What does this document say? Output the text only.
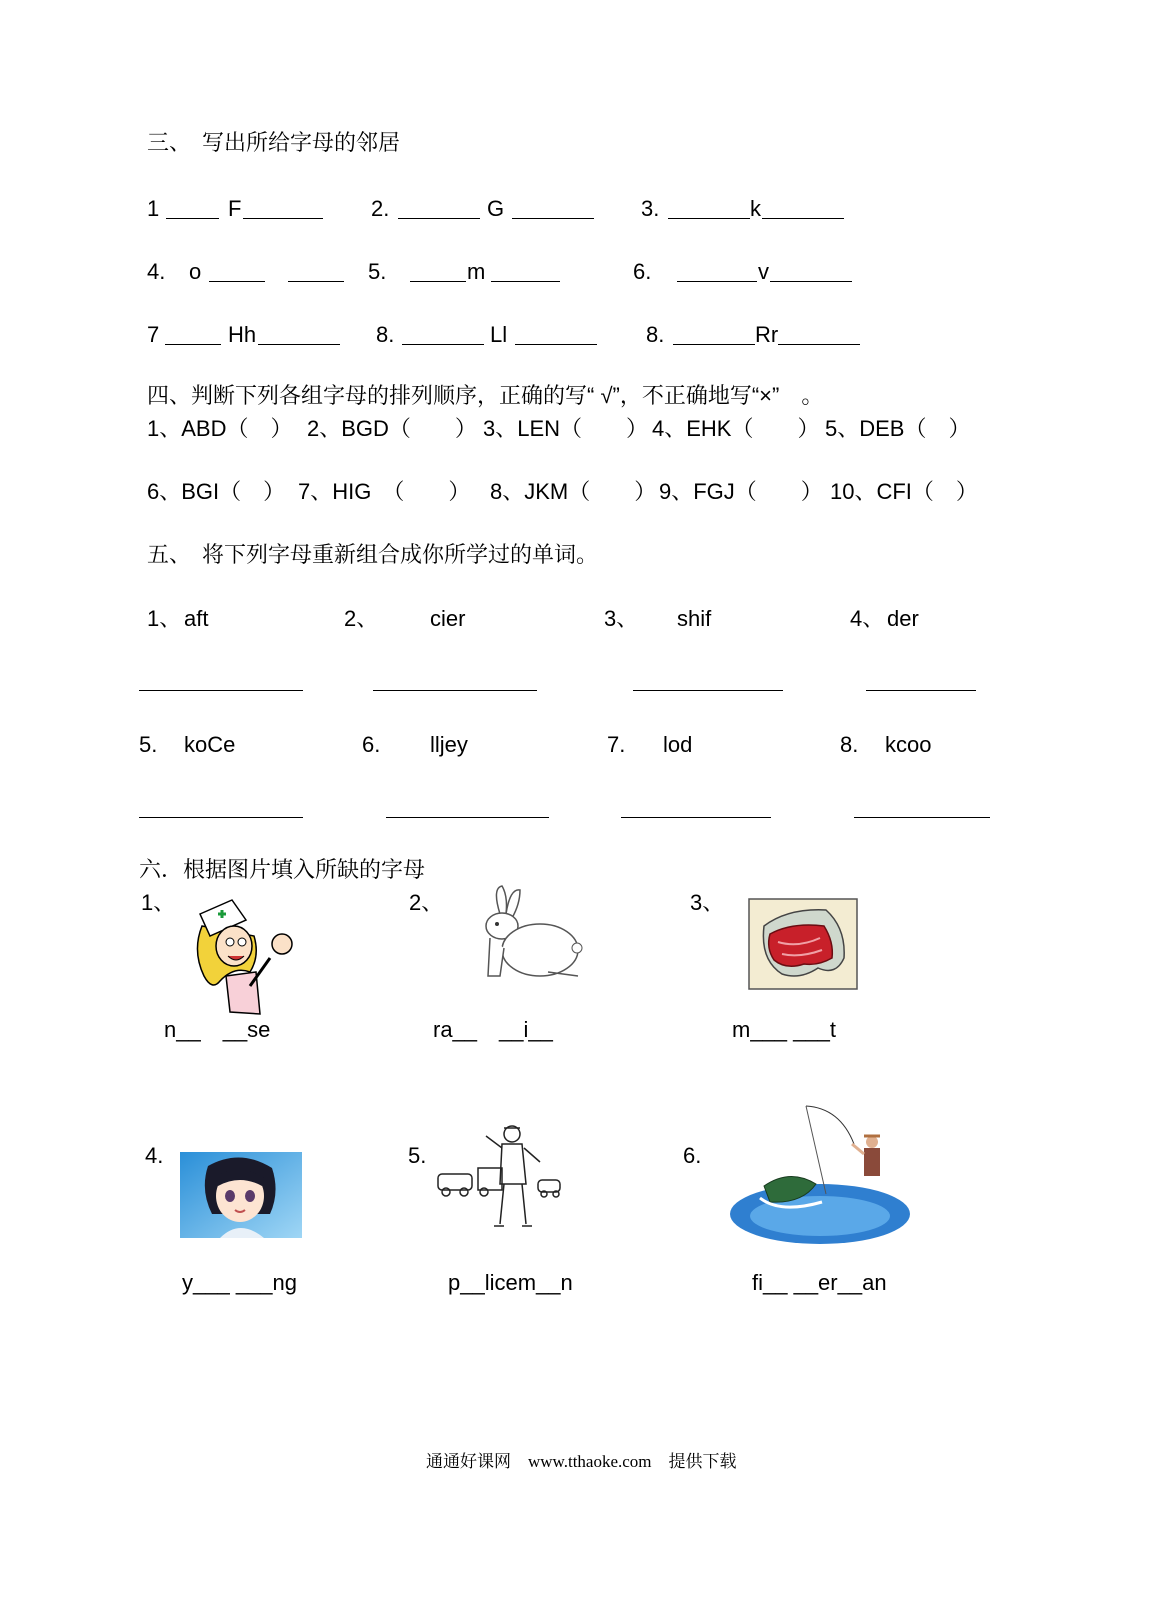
三、　写出所给字母的邻居
1	F	2.	G	3.	k
4. o	5.	m	6.	v
7	Hh	8.	Ll	8.	Rr
四、判断下列各组字母的排列顺序，正确的写“ √”，不正确地写“×”　。
1、ABD（　） 2、BGD（　　） 3、LEN（　　） 4、EHK（　　） 5、DEB（　）
6、BGI（　） 7、HIG　（　　） 8、JKM（　　） 9、FGJ（　　） 10、CFI（　）
五、　将下列字母重新组合成你所学过的单词。
1、 aft	2、 cier	3、 shif	4、 der
5. koCe	6. lljey	7. lod	8. kcoo
六．根据图片填入所缺的字母
1、	2、	3、
n__　__se	ra__　__i__	m___ ___t
4.	5.	6.
y___ ___ng	p__licem__n	fi__ __er__an
通通好课网　www.tthaoke.com　提供下载
